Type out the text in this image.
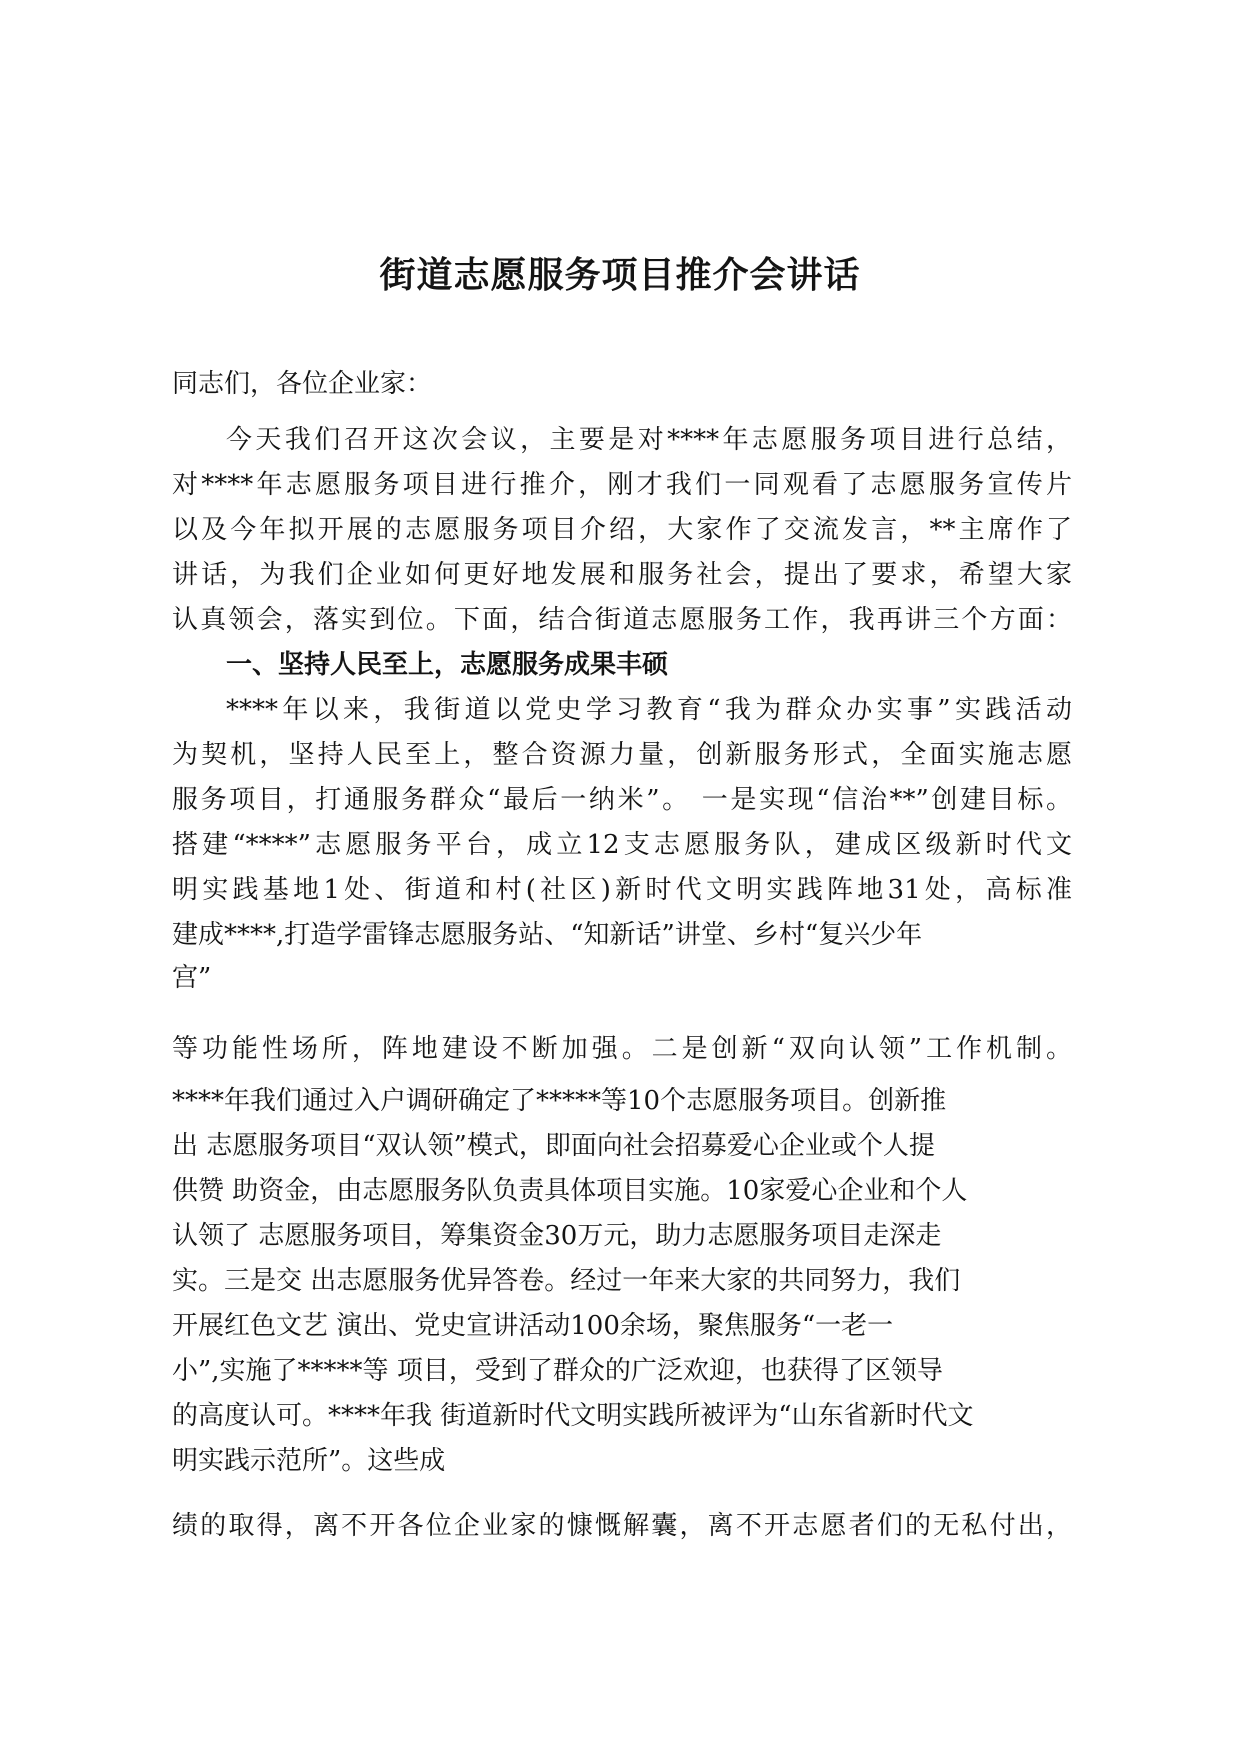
街道志愿服务项目推介会讲话

同志们，各位企业家：

今天我们召开这次会议，主要是对****年志愿服务项目进行总结，

对****年志愿服务项目进行推介，刚才我们一同观看了志愿服务宣传片

以及今年拟开展的志愿服务项目介绍，大家作了交流发言，**主席作了

讲话，为我们企业如何更好地发展和服务社会，提出了要求，希望大家

认真领会，落实到位。下面，结合街道志愿服务工作，我再讲三个方面：

一、坚持人民至上，志愿服务成果丰硕

****年以来，我街道以党史学习教育“我为群众办实事”实践活动

为契机，坚持人民至上，整合资源力量，创新服务形式，全面实施志愿

服务项目，打通服务群众“最后一纳米”。 一是实现“信治**”创建目标。

搭建“****”志愿服务平台，成立12支志愿服务队，建成区级新时代文

明实践基地1处、街道和村(社区)新时代文明实践阵地31处，高标准

建成****,打造学雷锋志愿服务站、“知新话”讲堂、乡村“复兴少年

宫”

等功能性场所，阵地建设不断加强。二是创新“双向认领”工作机制。

****年我们通过入户调研确定了*****等10个志愿服务项目。创新推

出 志愿服务项目“双认领”模式，即面向社会招募爱心企业或个人提

供赞 助资金，由志愿服务队负责具体项目实施。10家爱心企业和个人

认领了 志愿服务项目，筹集资金30万元，助力志愿服务项目走深走

实。三是交 出志愿服务优异答卷。经过一年来大家的共同努力，我们

开展红色文艺 演出、党史宣讲活动100余场，聚焦服务“一老一

小”,实施了*****等 项目，受到了群众的广泛欢迎，也获得了区领导

的高度认可。****年我 街道新时代文明实践所被评为“山东省新时代文

明实践示范所”。这些成

绩的取得，离不开各位企业家的慷慨解囊，离不开志愿者们的无私付出，
